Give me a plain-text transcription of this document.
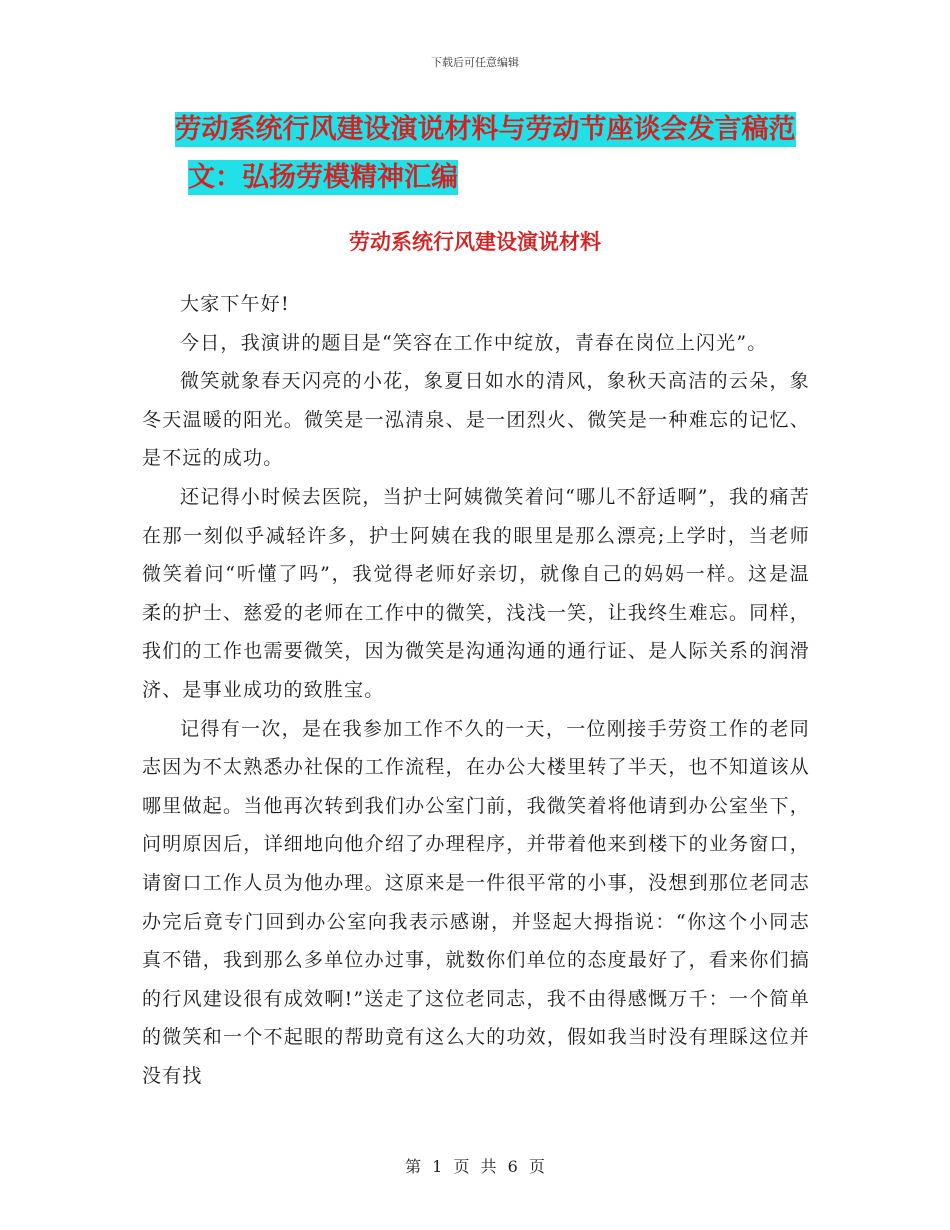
下载后可任意编辑
劳动系统行风建设演说材料与劳动节座谈会发言稿范
文：弘扬劳模精神汇编
劳动系统行风建设演说材料

大家下午好!

今日，我演讲的题目是“笑容在工作中绽放，青春在岗位上闪光”。

微笑就象春天闪亮的小花，象夏日如水的清风，象秋天高洁的云朵，象冬天温暖的阳光。微笑是一泓清泉、是一团烈火、微笑是一种难忘的记忆、是不远的成功。

还记得小时候去医院，当护士阿姨微笑着问“哪儿不舒适啊”，我的痛苦在那一刻似乎减轻许多，护士阿姨在我的眼里是那么漂亮;上学时，当老师微笑着问“听懂了吗”，我觉得老师好亲切，就像自己的妈妈一样。这是温柔的护士、慈爱的老师在工作中的微笑，浅浅一笑，让我终生难忘。同样，我们的工作也需要微笑，因为微笑是沟通沟通的通行证、是人际关系的润滑济、是事业成功的致胜宝。

记得有一次，是在我参加工作不久的一天，一位刚接手劳资工作的老同志因为不太熟悉办社保的工作流程，在办公大楼里转了半天，也不知道该从哪里做起。当他再次转到我们办公室门前，我微笑着将他请到办公室坐下，问明原因后，详细地向他介绍了办理程序，并带着他来到楼下的业务窗口，请窗口工作人员为他办理。这原来是一件很平常的小事，没想到那位老同志办完后竟专门回到办公室向我表示感谢，并竖起大拇指说：“你这个小同志真不错，我到那么多单位办过事，就数你们单位的态度最好了，看来你们搞的行风建设很有成效啊!”送走了这位老同志，我不由得感慨万千：一个简单的微笑和一个不起眼的帮助竟有这么大的功效，假如我当时没有理睬这位并没有找

第 1 页 共 6 页
